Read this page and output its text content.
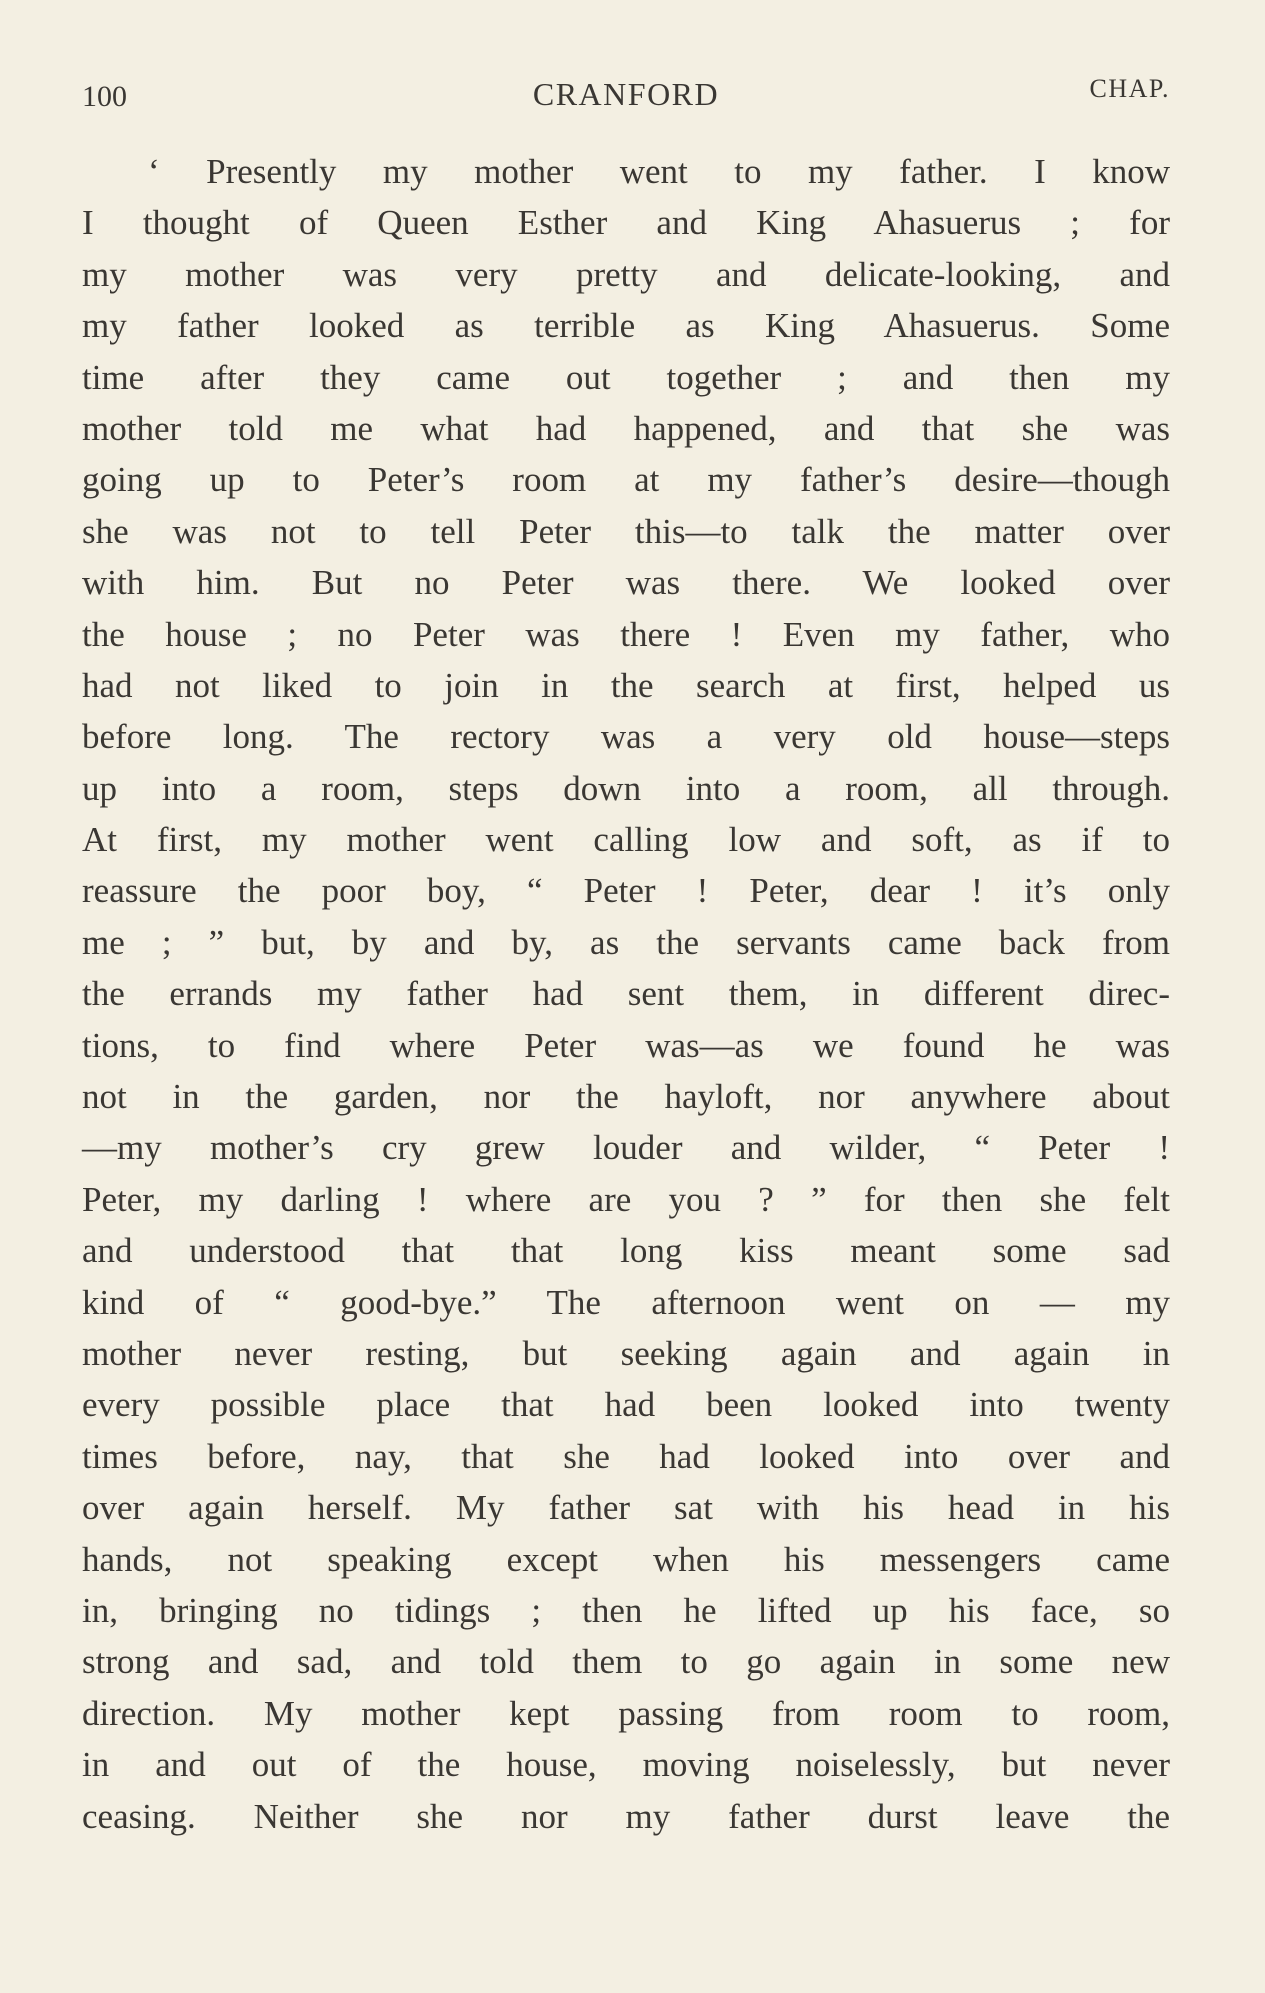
100	CRANFORD	CHAP.
‘ Presently my mother went to my father. I know
I thought of Queen Esther and King Ahasuerus ; for
my mother was very pretty and delicate-looking, and
my father looked as terrible as King Ahasuerus. Some
time after they came out together ; and then my
mother told me what had happened, and that she was
going up to Peter’s room at my father’s desire—though
she was not to tell Peter this—to talk the matter over
with him. But no Peter was there. We looked over
the house ; no Peter was there ! Even my father, who
had not liked to join in the search at first, helped us
before long. The rectory was a very old house—steps
up into a room, steps down into a room, all through.
At first, my mother went calling low and soft, as if to
reassure the poor boy, “ Peter ! Peter, dear ! it’s only
me ; ” but, by and by, as the servants came back from
the errands my father had sent them, in different direc-
tions, to find where Peter was—as we found he was
not in the garden, nor the hayloft, nor anywhere about
—my mother’s cry grew louder and wilder, “ Peter !
Peter, my darling ! where are you ? ” for then she felt
and understood that that long kiss meant some sad
kind of “ good-bye.” The afternoon went on — my
mother never resting, but seeking again and again in
every possible place that had been looked into twenty
times before, nay, that she had looked into over and
over again herself. My father sat with his head in his
hands, not speaking except when his messengers came
in, bringing no tidings ; then he lifted up his face, so
strong and sad, and told them to go again in some new
direction. My mother kept passing from room to room,
in and out of the house, moving noiselessly, but never
ceasing. Neither she nor my father durst leave the
